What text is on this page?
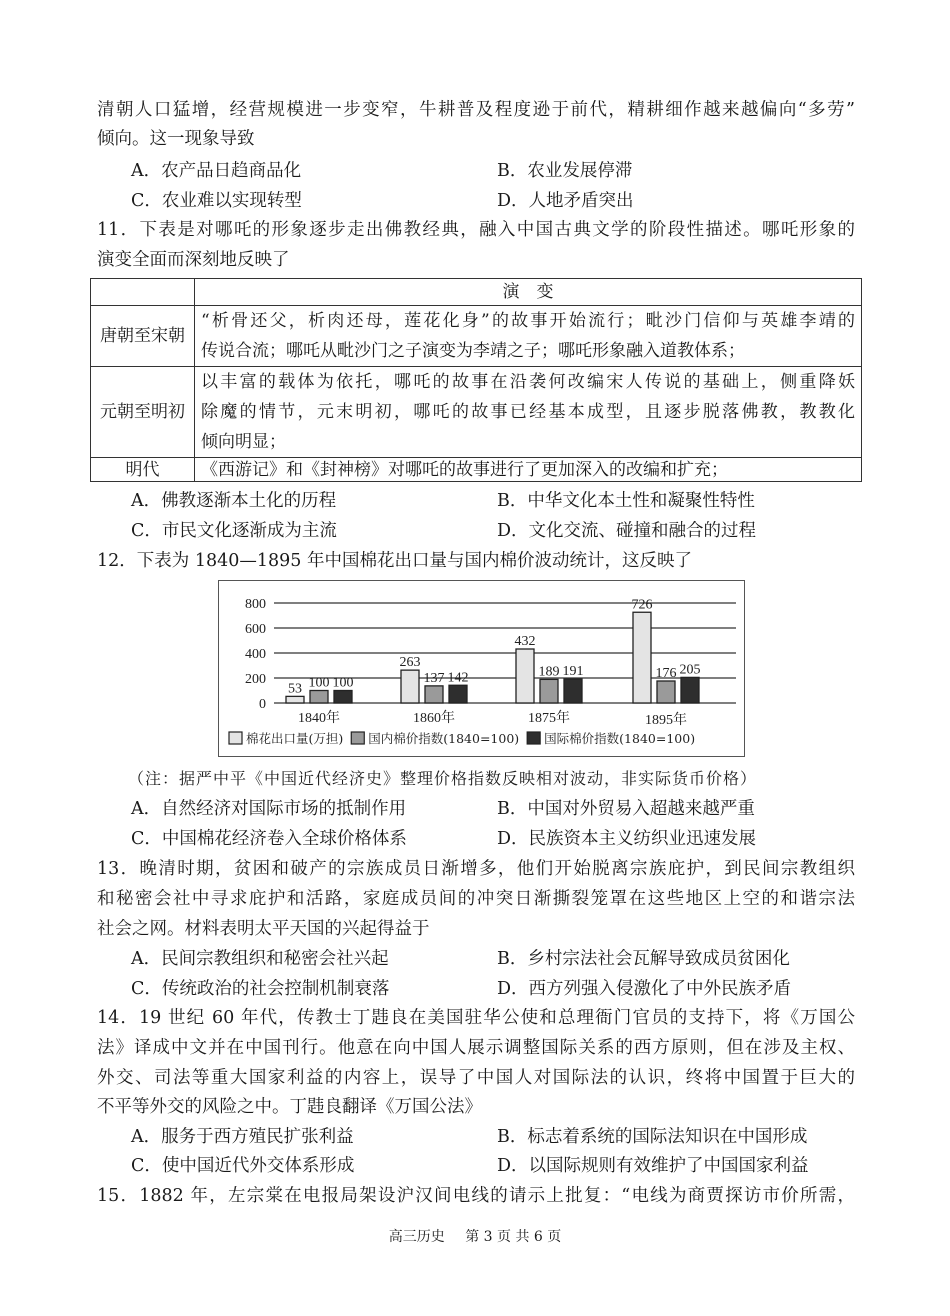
清朝人口猛增，经营规模进一步变窄，牛耕普及程度逊于前代，精耕细作越来越偏向“多劳”
倾向。这一现象导致
A．农产品日趋商品化	B．农业发展停滞
C．农业难以实现转型	D．人地矛盾突出
11．下表是对哪吒的形象逐步走出佛教经典，融入中国古典文学的阶段性描述。哪吒形象的
演变全面而深刻地反映了
	演　变
唐朝至宋朝	“析骨还父，析肉还母，莲花化身”的故事开始流行；毗沙门信仰与英雄李靖的
传说合流；哪吒从毗沙门之子演变为李靖之子；哪吒形象融入道教体系；

元朝至明初	以丰富的载体为依托，哪吒的故事在沿袭何改编宋人传说的基础上，侧重降妖
除魔的情节，元末明初，哪吒的故事已经基本成型，且逐步脱落佛教，教教化
倾向明显；

明代	《西游记》和《封神榜》对哪吒的故事进行了更加深入的改编和扩充；
A．佛教逐渐本土化的历程	B．中华文化本土性和凝聚性特性
C．市民文化逐渐成为主流	D．文化交流、碰撞和融合的过程
12．下表为 1840—1895 年中国棉花出口量与国内棉价波动统计，这反映了
0
200
400
600
800
53 100 100
1840年
263
137 142
1860年
432
189 191
1875年
726
176 205
1895年
棉花出口量(万担) 国内棉价指数(1840=100) 国际棉价指数(1840=100)
（注：据严中平《中国近代经济史》整理价格指数反映相对波动，非实际货币价格）
A．自然经济对国际市场的抵制作用	B．中国对外贸易入超越来越严重
C．中国棉花经济卷入全球价格体系	D．民族资本主义纺织业迅速发展
13．晚清时期，贫困和破产的宗族成员日渐增多，他们开始脱离宗族庇护，到民间宗教组织
和秘密会社中寻求庇护和活路，家庭成员间的冲突日渐撕裂笼罩在这些地区上空的和谐宗法
社会之网。材料表明太平天国的兴起得益于
A．民间宗教组织和秘密会社兴起	B．乡村宗法社会瓦解导致成员贫困化
C．传统政治的社会控制机制衰落	D．西方列强入侵激化了中外民族矛盾
14．19 世纪 60 年代，传教士丁韪良在美国驻华公使和总理衙门官员的支持下，将《万国公
法》译成中文并在中国刊行。他意在向中国人展示调整国际关系的西方原则，但在涉及主权、
外交、司法等重大国家利益的内容上，误导了中国人对国际法的认识，终将中国置于巨大的
不平等外交的风险之中。丁韪良翻译《万国公法》
A．服务于西方殖民扩张利益	B．标志着系统的国际法知识在中国形成
C．使中国近代外交体系形成	D．以国际规则有效维护了中国国家利益
15．1882 年，左宗棠在电报局架设沪汉间电线的请示上批复：“电线为商贾探访市价所需，
高三历史 第 3 页 共 6 页
